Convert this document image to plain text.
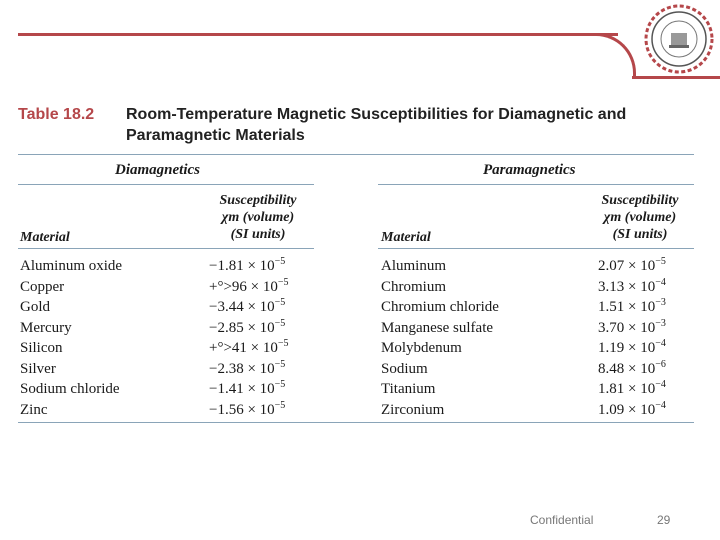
Table 18.2 Room-Temperature Magnetic Susceptibilities for Diamagnetic and Paramagnetic Materials
Diamagnetics	Paramagnetics
Material
Susceptibility
χm (volume)
(SI units)	Material
Susceptibility
χm (volume)
(SI units)
Aluminum oxide	$-1.81 \times 10^{-5}$
Copper	$+^\circ>96 \times 10^{-5}$
Gold	$-3.44 \times 10^{-5}$
Mercury	$-2.85 \times 10^{-5}$
Silicon	$+^\circ>41 \times 10^{-5}$
Silver	$-2.38 \times 10^{-5}$
Sodium chloride	$-1.41 \times 10^{-5}$
Zinc	$-1.56 \times 10^{-5}$
Aluminum	$2.07 \times 10^{-5}$
Chromium	$3.13 \times 10^{-4}$
Chromium chloride	$1.51 \times 10^{-3}$
Manganese sulfate	$3.70 \times 10^{-3}$
Molybdenum	$1.19 \times 10^{-4}$
Sodium	$8.48 \times 10^{-6}$
Titanium	$1.81 \times 10^{-4}$
Zirconium	$1.09 \times 10^{-4}$
Confidential	29
